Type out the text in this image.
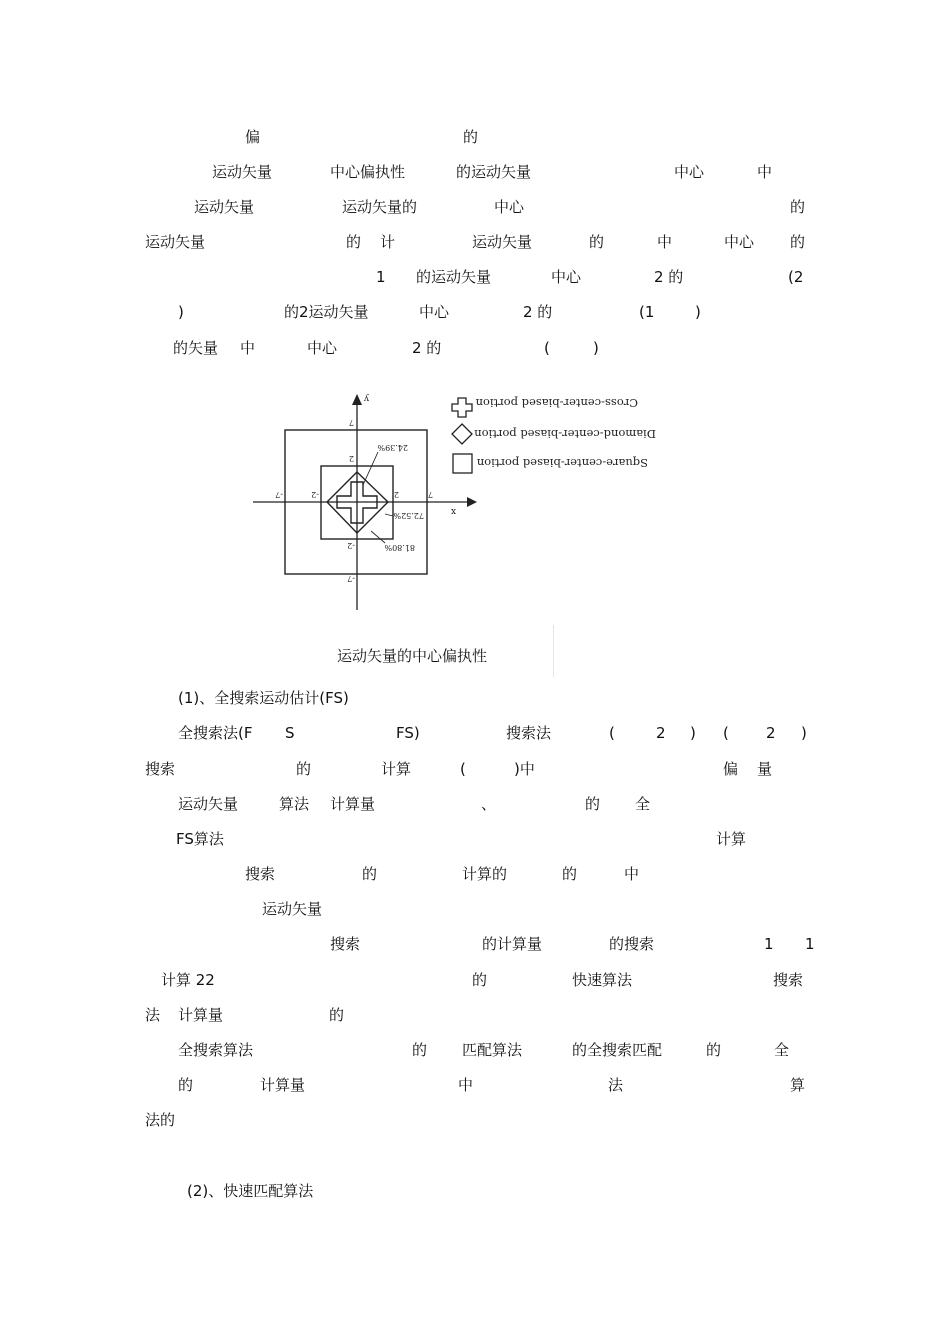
偏	的
运动矢量	中心偏执性	的运动矢量	中心	中
运动矢量	运动矢量的	中心	的
运动矢量	的 计	运动矢量	的	中	中心 的
1 的运动矢量	中心	2 的	(2
)	的2运动矢量	中心	2 的	(1	)
的矢量 中	中心	2 的	(	)
运动矢量的中心偏执性
(1)、全搜索运动估计(FS)
全搜索法(F S	FS)	搜索法	(	2 ) ( 2 )
搜索	的	计算	(	)中	偏 量
运动矢量	算法 计算量	、	的 全
FS算法	计算
搜索	的	计算的	的	中
运动矢量
搜索	的计算量	的搜索	1 1
计算 22	的	快速算法	搜索
法 计算量	的
全搜索算法	的 匹配算法	的全搜索匹配	的	全
的	计算量	中	法	算
法的
(2)、快速匹配算法
y
x
7
2
-7	-2	2	7
-2
-7
24.39%
72.52%
81.80%
Cross-center-biased portion
Diamond-center-biased portion
Square-center-biased portion
